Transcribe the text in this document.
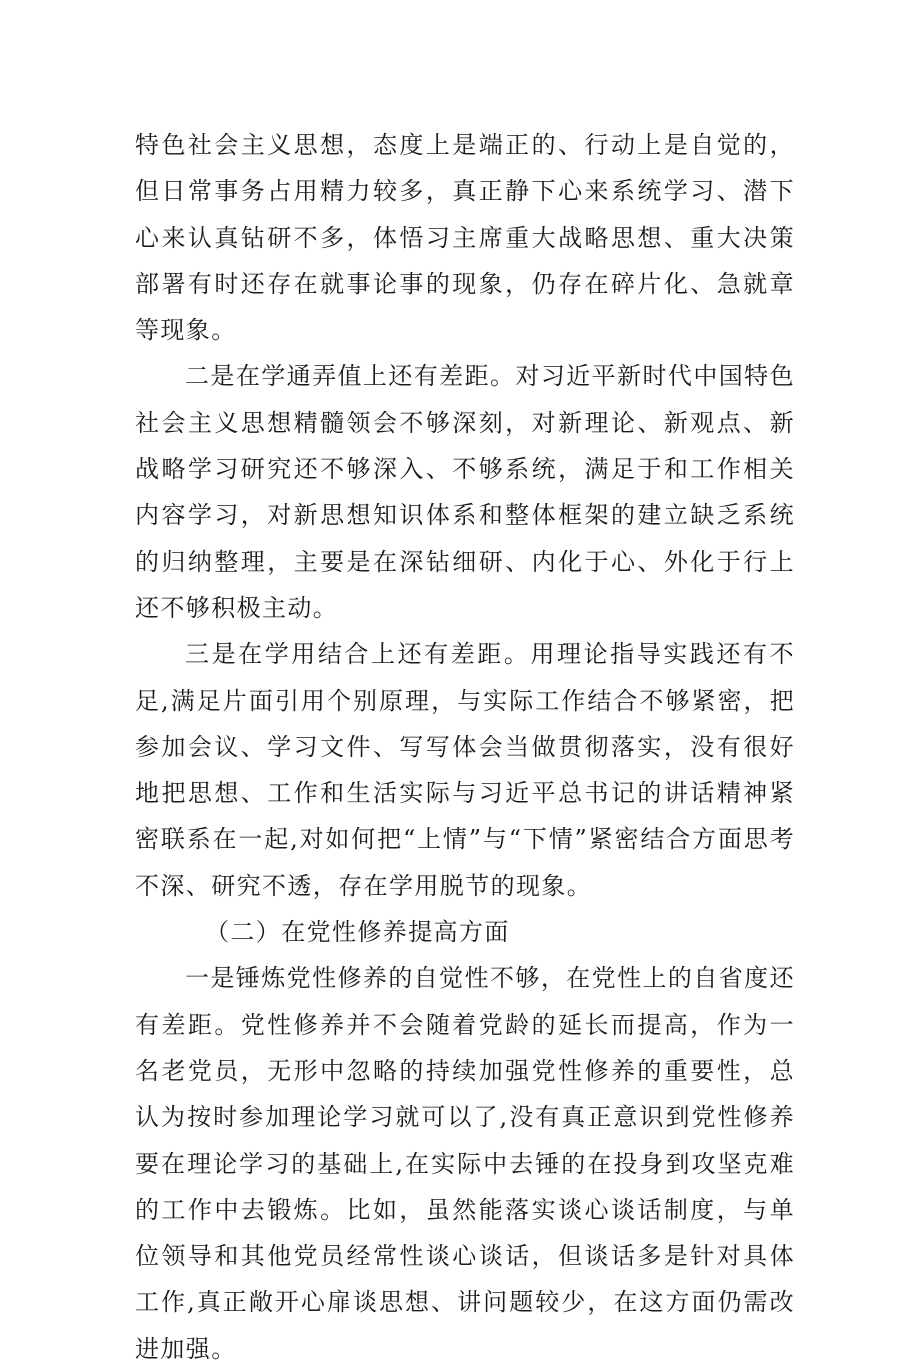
特色社会主义思想，态度上是端正的、行动上是自觉的，但日常事务占用精力较多，真正静下心来系统学习、潜下心来认真钻研不多，体悟习主席重大战略思想、重大决策部署有时还存在就事论事的现象，仍存在碎片化、急就章等现象。

二是在学通弄值上还有差距。对习近平新时代中国特色社会主义思想精髓领会不够深刻，对新理论、新观点、新战略学习研究还不够深入、不够系统，满足于和工作相关内容学习，对新思想知识体系和整体框架的建立缺乏系统的归纳整理，主要是在深钻细研、内化于心、外化于行上还不够积极主动。

三是在学用结合上还有差距。用理论指导实践还有不足,满足片面引用个别原理，与实际工作结合不够紧密，把参加会议、学习文件、写写体会当做贯彻落实，没有很好地把思想、工作和生活实际与习近平总书记的讲话精神紧密联系在一起,对如何把“上情”与“下情”紧密结合方面思考不深、研究不透，存在学用脱节的现象。

（二）在党性修养提高方面

一是锤炼党性修养的自觉性不够，在党性上的自省度还有差距。党性修养并不会随着党龄的延长而提高，作为一名老党员，无形中忽略的持续加强党性修养的重要性，总认为按时参加理论学习就可以了,没有真正意识到党性修养要在理论学习的基础上,在实际中去锤的在投身到攻坚克难的工作中去锻炼。比如，虽然能落实谈心谈话制度，与单位领导和其他党员经常性谈心谈话，但谈话多是针对具体工作,真正敞开心扉谈思想、讲问题较少，在这方面仍需改进加强。
